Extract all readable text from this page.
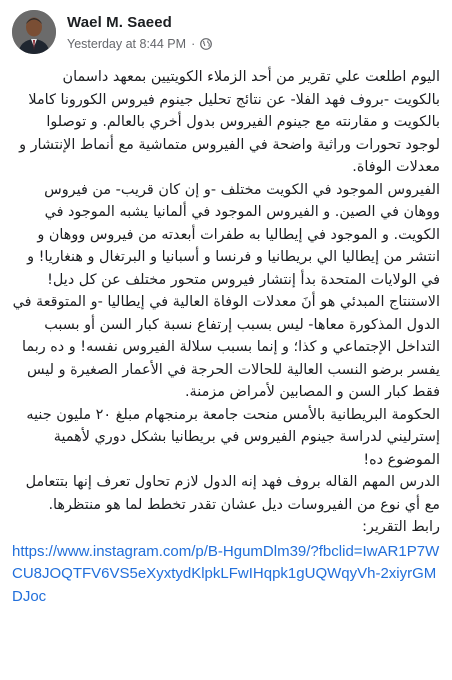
Wael M. Saeed
Yesterday at 8:44 PM ·

اليوم اطلعت علي تقرير من أحد الزملاء الكويتيين بمعهد داسمان بالكويت -بروف فهد الفلا- عن نتائج تحليل جينوم فيروس الكورونا كاملا بالكويت و مقارنته مع جينوم الفيروس بدول أخري بالعالم. و توصلوا لوجود تحورات وراثية واضحة في الفيروس متماشية مع أنماط الإنتشار و معدلات الوفاة.

الفيروس الموجود في الكويت مختلف -و إن كان قريب- من فيروس ووهان في الصين. و الفيروس الموجود في ألمانيا يشبه الموجود في الكويت. و الموجود في إيطاليا به طفرات أبعدته من فيروس ووهان و انتشر من إيطاليا الي بريطانيا و فرنسا و أسبانيا و البرتغال و هنغاريا! و في الولايات المتحدة بدأ إنتشار فيروس متحور مختلف عن كل ديل!

الاستنتاج المبدئي هو أنَ معدلات الوفاة العالية في إيطاليا -و المتوقعة في الدول المذكورة معاها- ليس بسبب إرتفاع نسبة كبار السن أو بسبب التداخل الإجتماعي و كذا؛ و إنما بسبب سلالة الفيروس نفسه! و ده ربما يفسر برضو النسب العالية للحالات الحرجة في الأعمار الصغيرة و ليس فقط كبار السن و المصابين لأمراض مزمنة.

الحكومة البريطانية بالأمس منحت جامعة برمنجهام مبلغ ٢٠ مليون جنيه إسترليني لدراسة جينوم الفيروس في بريطانيا بشكل دوري لأهمية الموضوع ده!

الدرس المهم القاله بروف فهد إنه الدول لازم تحاول تعرف إنها بتتعامل مع أي نوع من الفيروسات ديل عشان تقدر تخطط لما هو منتظرها.

رابط التقرير:

https://www.instagram.com/p/B-HgumDlm39/?fbclid=IwAR1P7WCU8JOQTFV6VS5eXyxtydKlpkLFwIHqpk1gUQWqyVh-2xiyrGMDJoc
